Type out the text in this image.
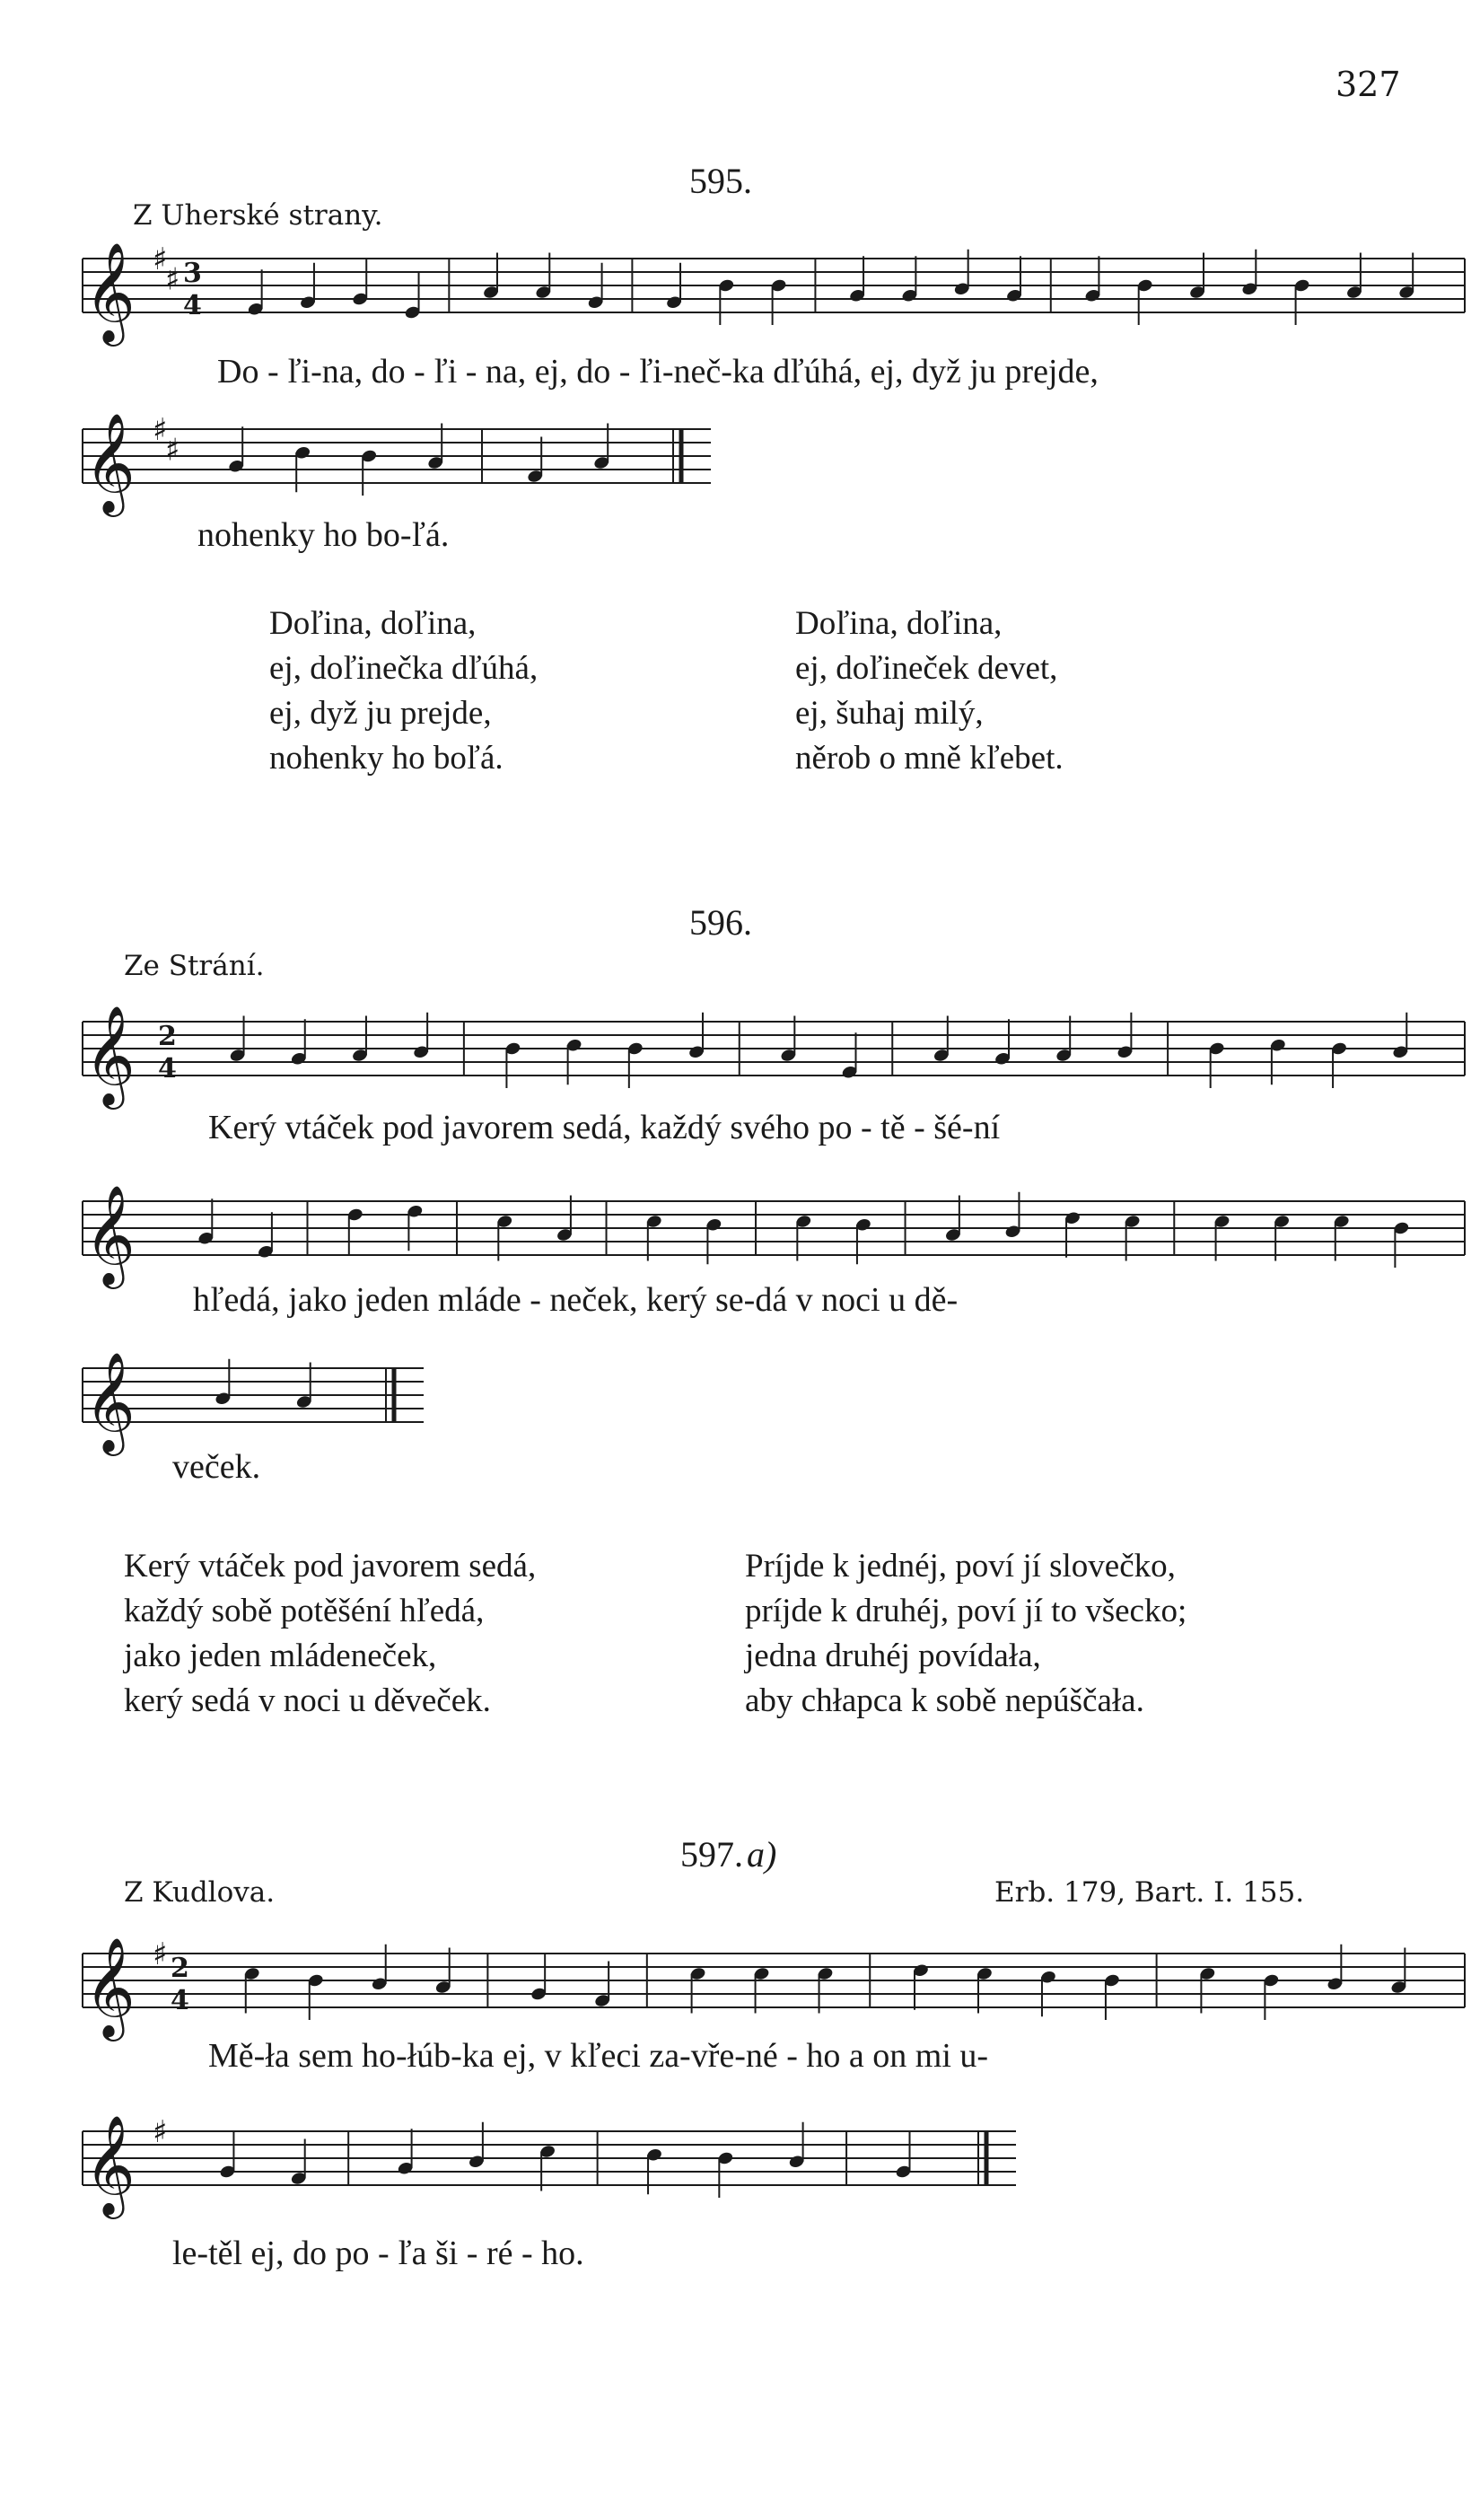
327
595.
Z Uherské strany.
𝄞 ♯
♯ 3
4
Do - ľi-na, do - ľi - na, ej, do - ľi-neč-ka dľúhá, ej, dyž ju prejde,
𝄞 ♯
♯
nohenky ho bo-ľá.
Doľina, doľina,
ej, doľinečka dľúhá,
ej, dyž ju prejde,
nohenky ho boľá.
Doľina, doľina,
ej, doľineček devet,
ej, šuhaj milý,
něrob o mně kľebet.
596.
Ze Strání.
𝄞 2
4
Kerý vtáček pod javorem sedá, každý svého po - tě - šé-ní
𝄞
hľedá, jako jeden mláde - neček, kerý se-dá v noci u dě-
𝄞
veček.
Kerý vtáček pod javorem sedá,
každý sobě potěšéní hľedá,
jako jeden mládeneček,
kerý sedá v noci u děveček.
Príjde k jednéj, poví jí slovečko,
príjde k druhéj, poví jí to všecko;
jedna druhéj povídała,
aby chłapca k sobě nepúščała.
597. a)
Z Kudlova.	Erb. 179, Bart. I. 155.
𝄞 ♯ 2
4
Mě-ła sem ho-łúb-ka ej, v kľeci za-vře-né - ho a on mi u-
𝄞 ♯
le-těl ej, do po - ľa ši - ré - ho.
